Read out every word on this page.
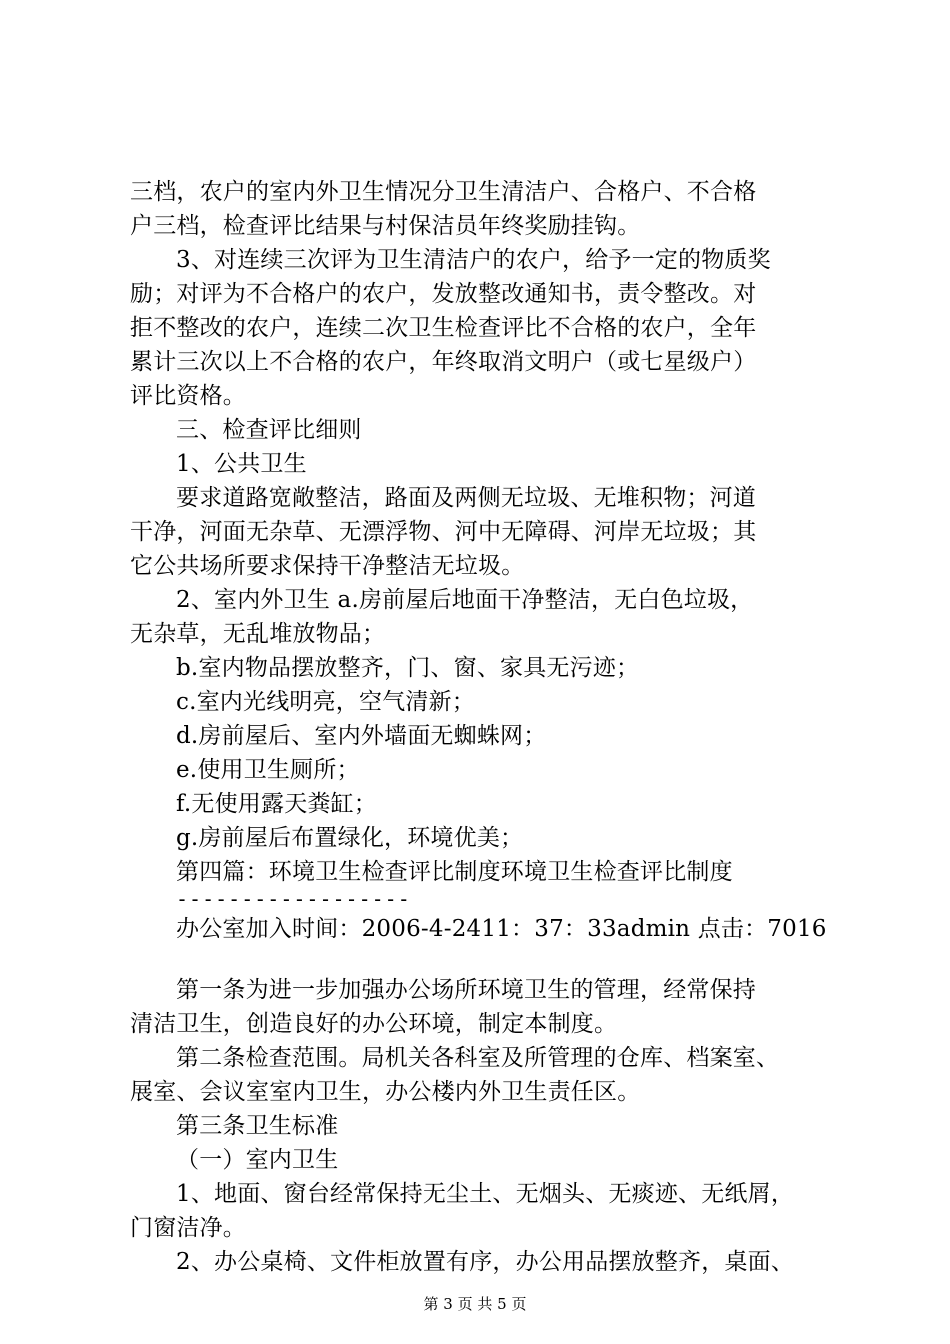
三档，农户的室内外卫生情况分卫生清洁户、合格户、不合格
户三档，检查评比结果与村保洁员年终奖励挂钩。
3、对连续三次评为卫生清洁户的农户，给予一定的物质奖
励；对评为不合格户的农户，发放整改通知书，责令整改。对
拒不整改的农户，连续二次卫生检查评比不合格的农户，全年
累计三次以上不合格的农户，年终取消文明户（或七星级户）
评比资格。
三、检查评比细则
1、公共卫生
要求道路宽敞整洁，路面及两侧无垃圾、无堆积物；河道
干净，河面无杂草、无漂浮物、河中无障碍、河岸无垃圾；其
它公共场所要求保持干净整洁无垃圾。
2、室内外卫生 a.房前屋后地面干净整洁，无白色垃圾，
无杂草，无乱堆放物品；
b.室内物品摆放整齐，门、窗、家具无污迹；
c.室内光线明亮，空气清新；
d.房前屋后、室内外墙面无蜘蛛网；
e.使用卫生厕所；
f.无使用露天粪缸；
g.房前屋后布置绿化，环境优美；
第四篇：环境卫生检查评比制度环境卫生检查评比制度
------------------
办公室加入时间：2006-4-2411：37：33admin 点击：7016
第一条为进一步加强办公场所环境卫生的管理，经常保持
清洁卫生，创造良好的办公环境，制定本制度。
第二条检查范围。局机关各科室及所管理的仓库、档案室、
展室、会议室室内卫生，办公楼内外卫生责任区。
第三条卫生标准
（一）室内卫生
1、地面、窗台经常保持无尘土、无烟头、无痰迹、无纸屑，
门窗洁净。
2、办公桌椅、文件柜放置有序，办公用品摆放整齐，桌面、
第 3 页 共 5 页
